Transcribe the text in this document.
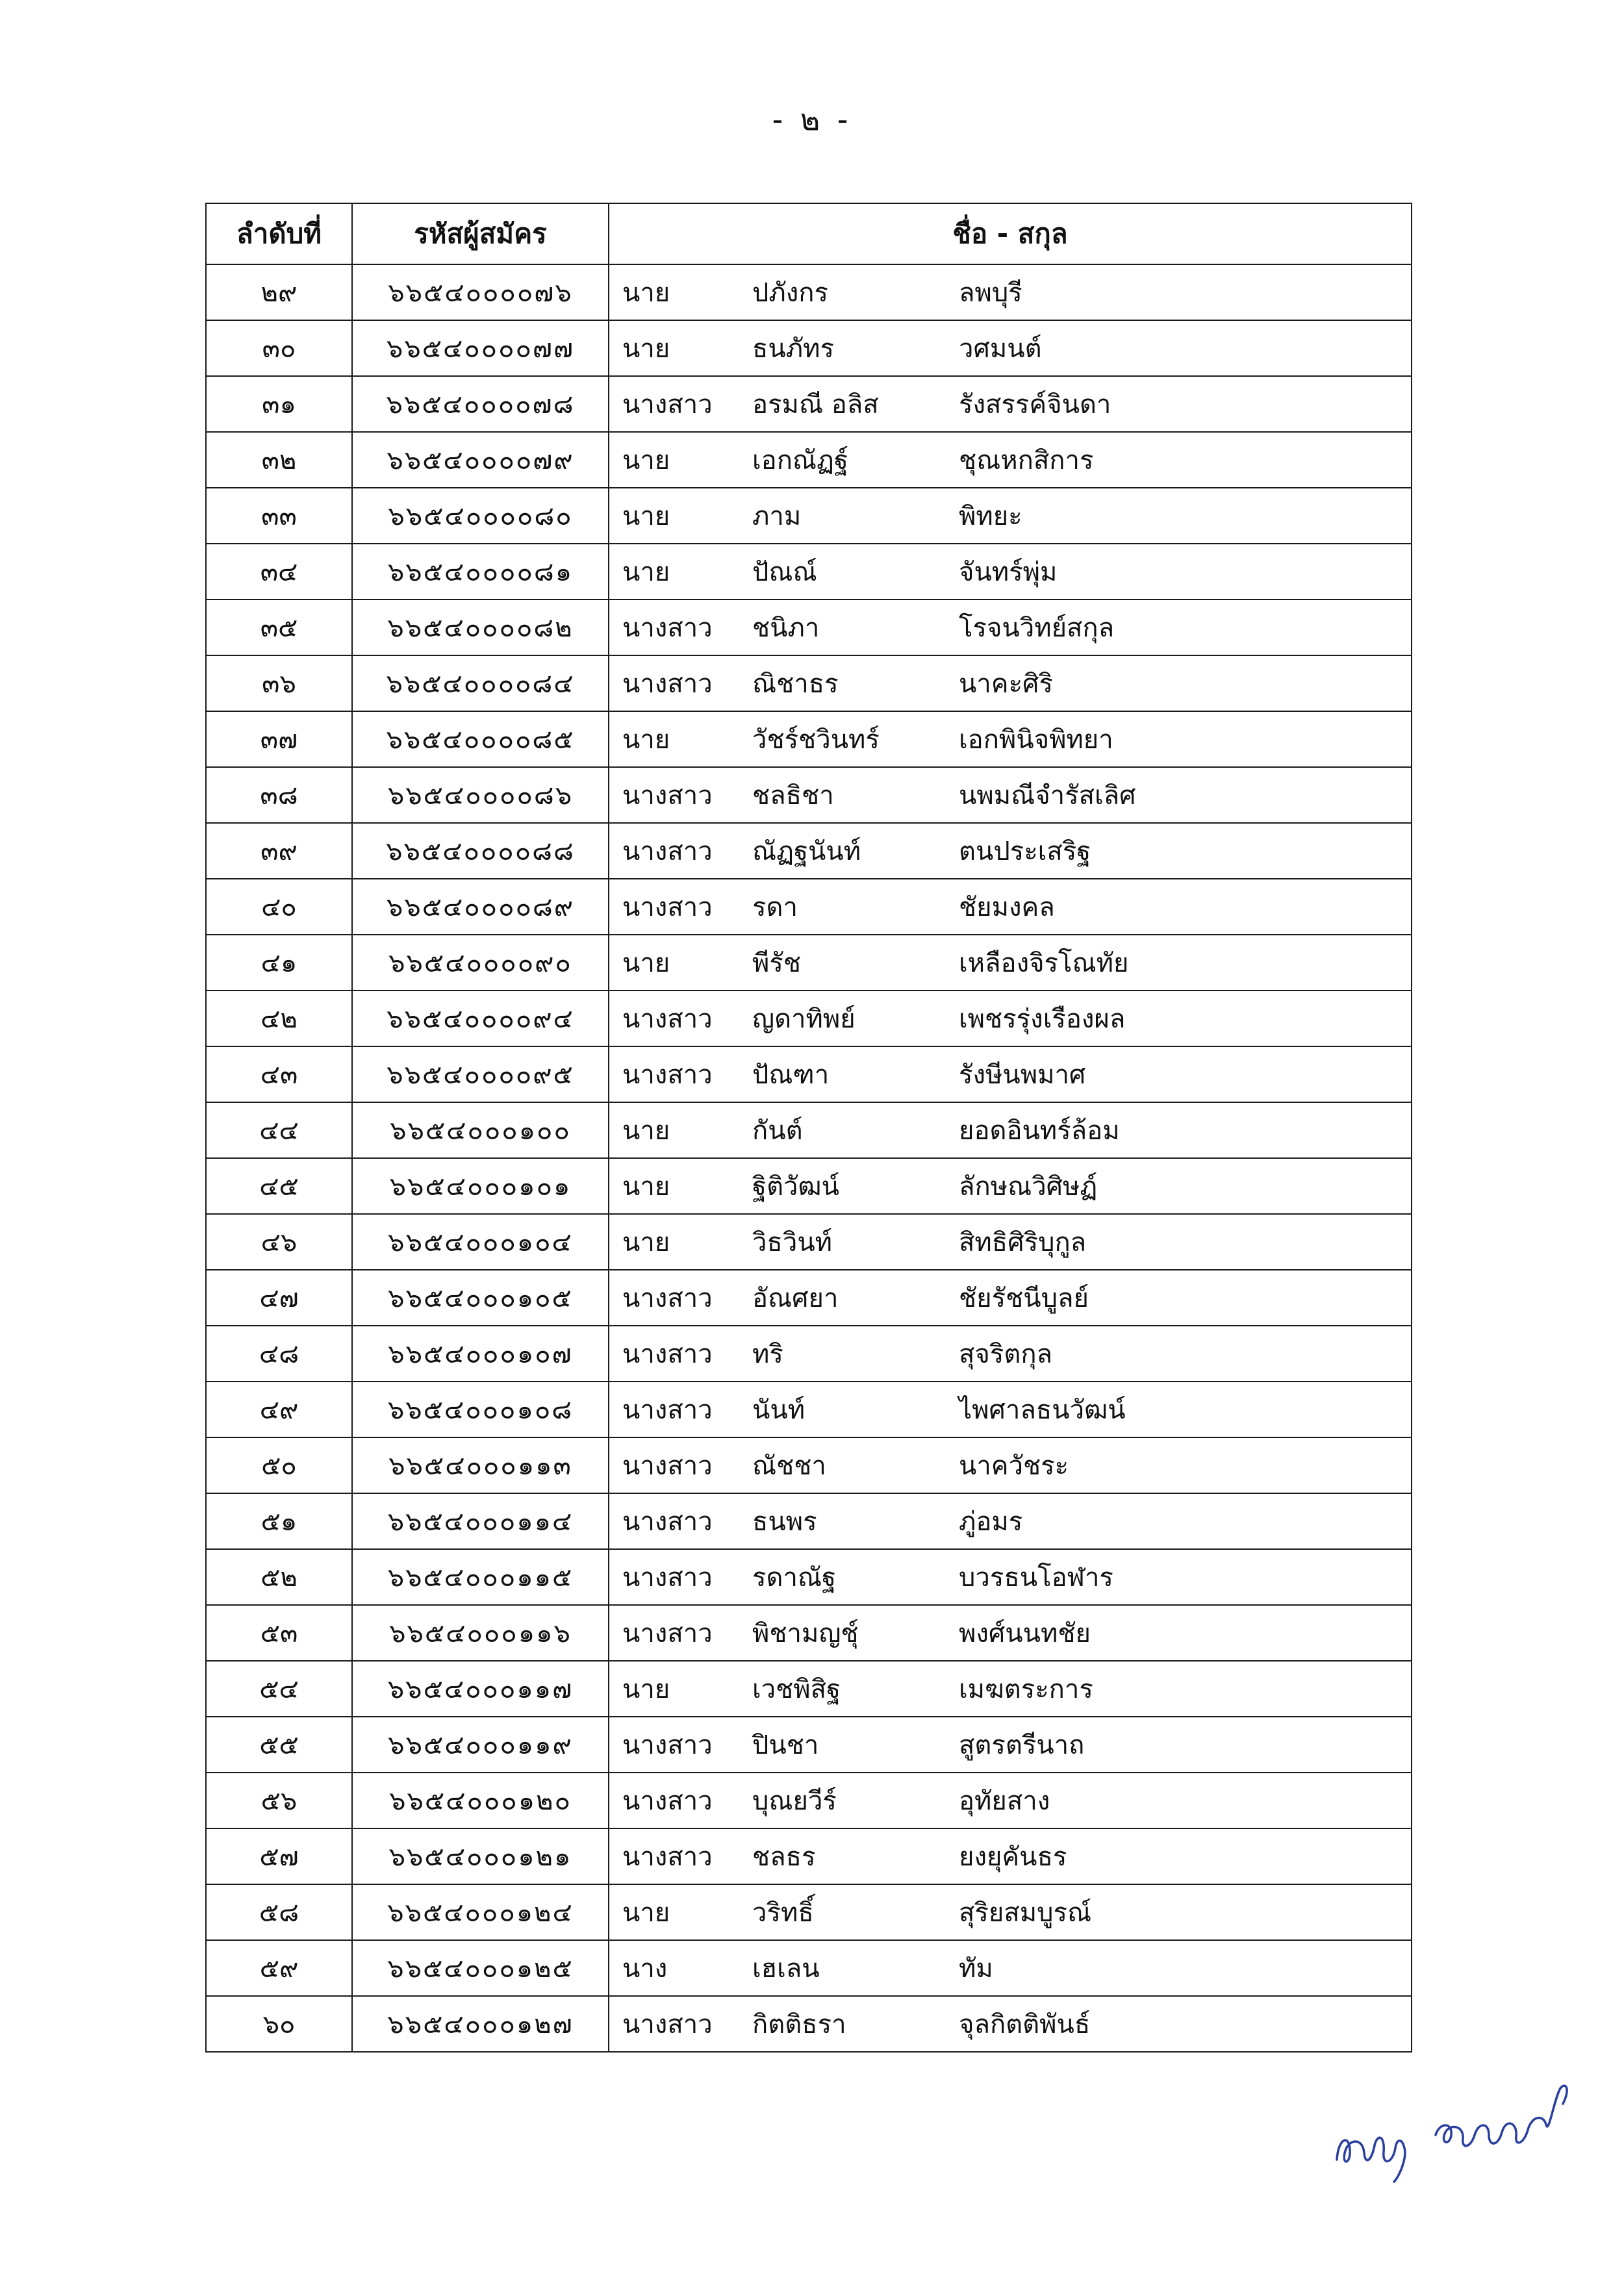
- ๒ -
ลำดับที่	รหัสผู้สมัคร	ชื่อ - สกุล
๒๙	๖๖๕๔๐๐๐๐๗๖	นาย ปภังกร ลพบุรี
๓๐	๖๖๕๔๐๐๐๐๗๗	นาย ธนภัทร วศมนต์
๓๑	๖๖๕๔๐๐๐๐๗๘	นางสาว อรมณี อลิส รังสรรค์จินดา
๓๒	๖๖๕๔๐๐๐๐๗๙	นาย เอกณัฏฐ์ ชุณหกสิการ
๓๓	๖๖๕๔๐๐๐๐๘๐	นาย ภาม พิทยะ
๓๔	๖๖๕๔๐๐๐๐๘๑	นาย ปัณณ์ จันทร์พุ่ม
๓๕	๖๖๕๔๐๐๐๐๘๒	นางสาว ชนิภา โรจนวิทย์สกุล
๓๖	๖๖๕๔๐๐๐๐๘๔	นางสาว ณิชาธร นาคะศิริ
๓๗	๖๖๕๔๐๐๐๐๘๕	นาย วัชร์ชวินทร์ เอกพินิจพิทยา
๓๘	๖๖๕๔๐๐๐๐๘๖	นางสาว ชลธิชา นพมณีจำรัสเลิศ
๓๙	๖๖๕๔๐๐๐๐๘๘	นางสาว ณัฏฐนันท์ ตนประเสริฐ
๔๐	๖๖๕๔๐๐๐๐๘๙	นางสาว รดา ชัยมงคล
๔๑	๖๖๕๔๐๐๐๐๙๐	นาย พีรัช เหลืองจิรโณทัย
๔๒	๖๖๕๔๐๐๐๐๙๔	นางสาว ญดาทิพย์ เพชรรุ่งเรืองผล
๔๓	๖๖๕๔๐๐๐๐๙๕	นางสาว ปัณฑา รังษีนพมาศ
๔๔	๖๖๕๔๐๐๐๑๐๐	นาย กันต์ ยอดอินทร์ล้อม
๔๕	๖๖๕๔๐๐๐๑๐๑	นาย ฐิติวัฒน์ ลักษณวิศิษฏ์
๔๖	๖๖๕๔๐๐๐๑๐๔	นาย วิธวินท์ สิทธิศิริบุกูล
๔๗	๖๖๕๔๐๐๐๑๐๕	นางสาว อัณศยา ชัยรัชนีบูลย์
๔๘	๖๖๕๔๐๐๐๑๐๗	นางสาว ทริ สุจริตกุล
๔๙	๖๖๕๔๐๐๐๑๐๘	นางสาว นันท์ ไพศาลธนวัฒน์
๕๐	๖๖๕๔๐๐๐๑๑๓	นางสาว ณัชชา นาควัชระ
๕๑	๖๖๕๔๐๐๐๑๑๔	นางสาว ธนพร ภู่อมร
๕๒	๖๖๕๔๐๐๐๑๑๕	นางสาว รดาณัฐ บวรธนโอฬาร
๕๓	๖๖๕๔๐๐๐๑๑๖	นางสาว พิชามญชุ์ พงศ์นนทชัย
๕๔	๖๖๕๔๐๐๐๑๑๗	นาย เวชพิสิฐ เมฆตระการ
๕๕	๖๖๕๔๐๐๐๑๑๙	นางสาว ปินชา สูตรตรีนาถ
๕๖	๖๖๕๔๐๐๐๑๒๐	นางสาว บุณยวีร์ อุทัยสาง
๕๗	๖๖๕๔๐๐๐๑๒๑	นางสาว ชลธร ยงยุคันธร
๕๘	๖๖๕๔๐๐๐๑๒๔	นาย วริทธิ์ สุริยสมบูรณ์
๕๙	๖๖๕๔๐๐๐๑๒๕	นาง เฮเลน ทัม
๖๐	๖๖๕๔๐๐๐๑๒๗	นางสาว กิตติธรา จุลกิตติพันธ์
